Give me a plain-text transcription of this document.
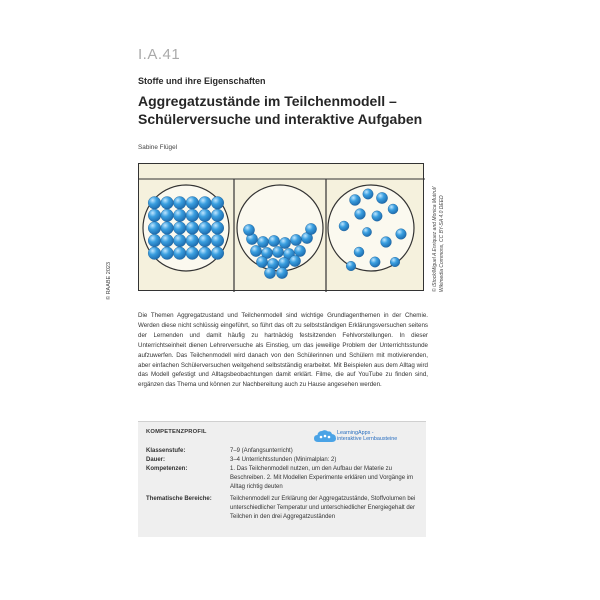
I.A.41
Stoffe und ihre Eigenschaften
Aggregatzustände im Teilchenmodell – Schülerversuche und interaktive Aufgaben
Sabine Flügel
© RAABE 2023	© iStock/Miguel A Enriquez and Monica Mutirul/ Wikimedia Commons, CC BY-SA 4.0 DEED
Die Themen Aggregatzustand und Teilchenmodell sind wichtige Grundlagenthemen in der Chemie. Werden diese nicht schlüssig eingeführt, so führt das oft zu selbstständigen Erklärungsversuchen seitens der Lernenden und damit häufig zu hartnäckig festsitzenden Fehlvorstellungen. In dieser Unterrichtseinheit dienen Lehrerversuche als Einstieg, um das jeweilige Problem der Unterrichtsstunde aufzuwerfen. Das Teilchenmodell wird danach von den Schülerinnen und Schülern mit motivierenden, aber einfachen Schülerversuchen weitgehend selbstständig erarbeitet. Mit Beispielen aus dem Alltag wird das Modell gefestigt und Alltagsbeobachtungen damit erklärt. Filme, die auf YouTube zu finden sind, ergänzen das Thema und können zur Nachbereitung auch zu Hause angesehen werden.
KOMPETENZPROFIL	LearningApps -
interaktive Lernbausteine
Klassenstufe:	7–9 (Anfangsunterricht)
Dauer:	3–4 Unterrichtsstunden (Minimalplan: 2)
Kompetenzen:	1. Das Teilchenmodell nutzen, um den Aufbau der Materie zu Beschreiben. 2. Mit Modellen Experimente erklären und Vorgänge im Alltag richtig deuten
Thematische Bereiche:	Teilchenmodell zur Erklärung der Aggregatzustände, Stoffvolumen bei unterschiedlicher Temperatur und unterschiedlicher Energiegehalt der Teilchen in den drei Aggregatzuständen
